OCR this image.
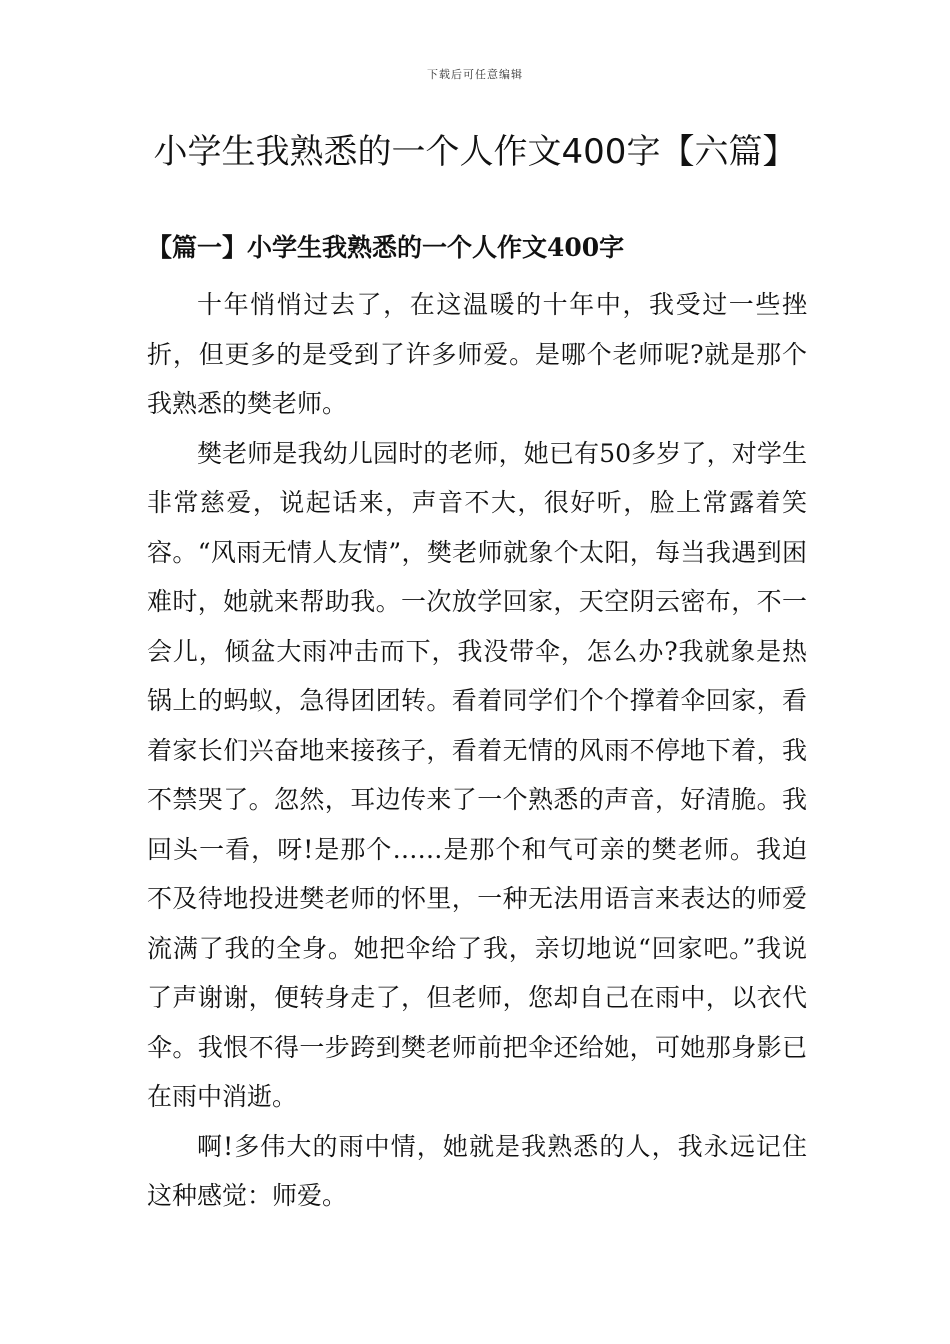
下载后可任意编辑
小学生我熟悉的一个人作文400字【六篇】
【篇一】小学生我熟悉的一个人作文400字

十年悄悄过去了，在这温暖的十年中，我受过一些挫折，但更多的是受到了许多师爱。是哪个老师呢?就是那个我熟悉的樊老师。

樊老师是我幼儿园时的老师，她已有50多岁了，对学生非常慈爱，说起话来，声音不大，很好听，脸上常露着笑容。“风雨无情人友情”，樊老师就象个太阳，每当我遇到困难时，她就来帮助我。一次放学回家，天空阴云密布，不一会儿，倾盆大雨冲击而下，我没带伞，怎么办?我就象是热锅上的蚂蚁，急得团团转。看着同学们个个撑着伞回家，看着家长们兴奋地来接孩子，看着无情的风雨不停地下着，我不禁哭了。忽然，耳边传来了一个熟悉的声音，好清脆。我回头一看，呀!是那个……是那个和气可亲的樊老师。我迫不及待地投进樊老师的怀里，一种无法用语言来表达的师爱流满了我的全身。她把伞给了我，亲切地说“回家吧。”我说了声谢谢，便转身走了，但老师，您却自己在雨中，以衣代伞。我恨不得一步跨到樊老师前把伞还给她，可她那身影已在雨中消逝。

啊!多伟大的雨中情，她就是我熟悉的人，我永远记住这种感觉：师爱。
